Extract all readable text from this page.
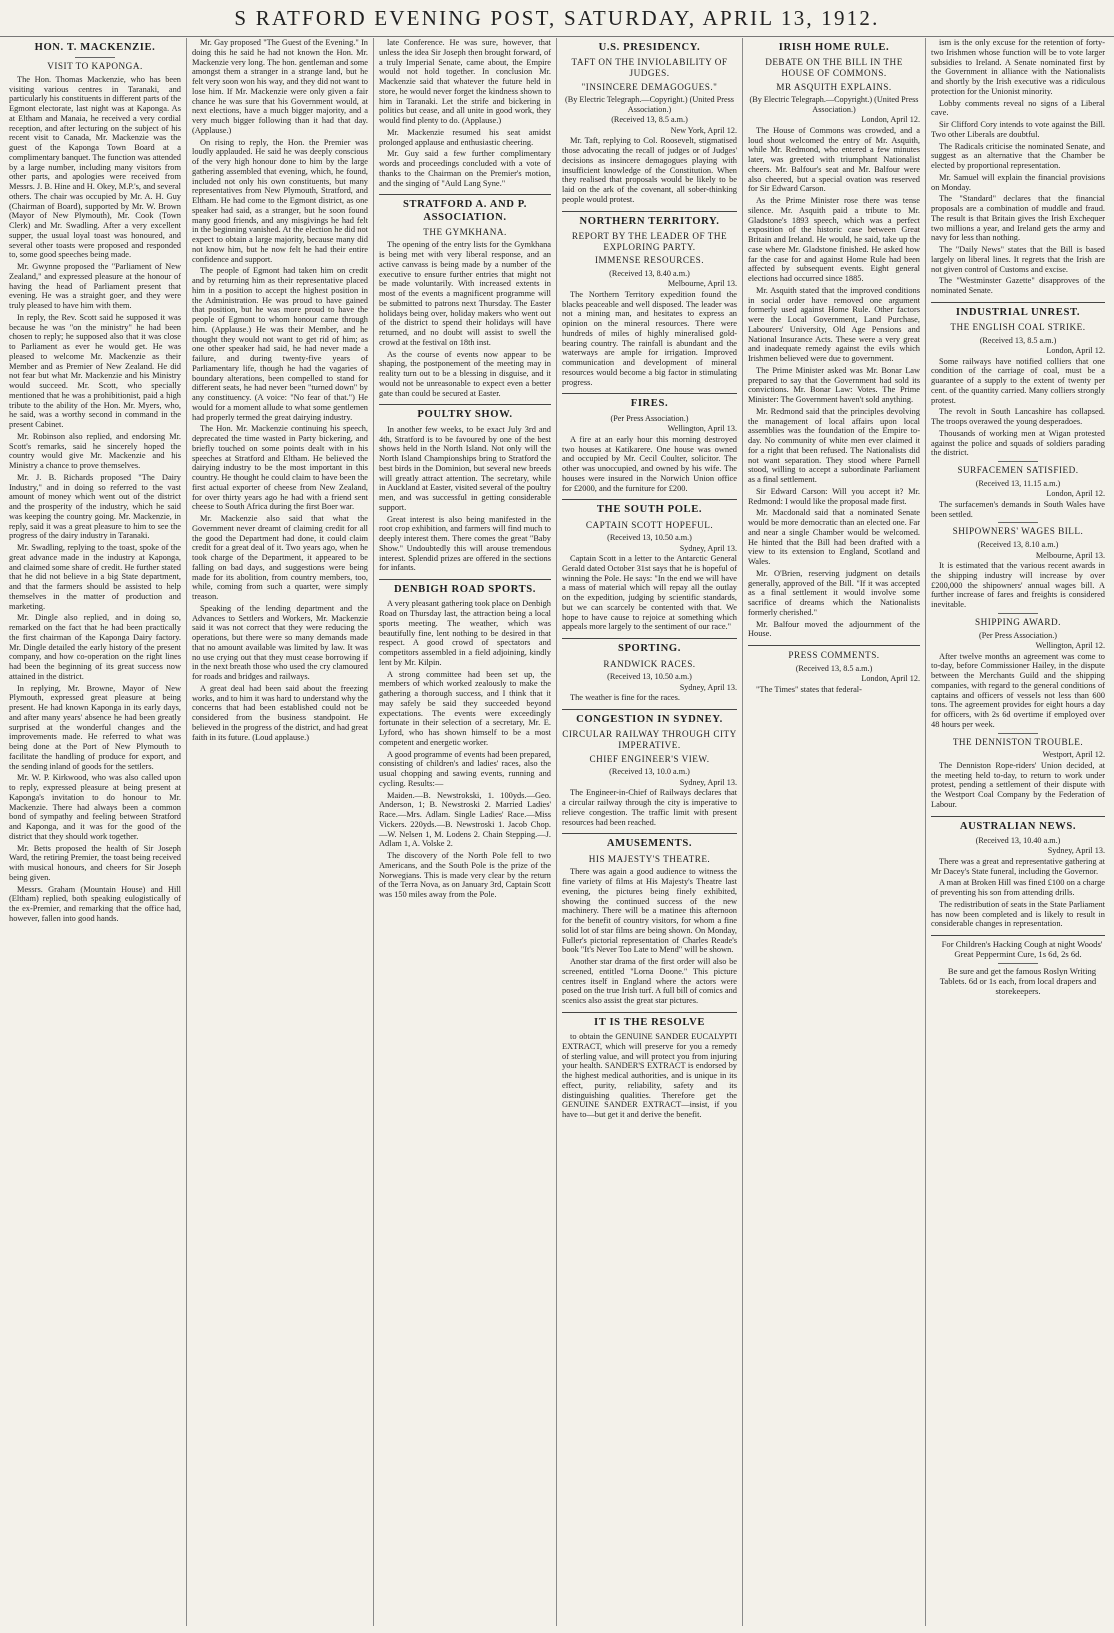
S RATFORD EVENING POST, SATURDAY, APRIL 13, 1912.
HON. T. MACKENZIE.
VISIT TO KAPONGA.

The Hon. Thomas Mackenzie, who has been visiting various centres in Taranaki, and particularly his constituents in different parts of the Egmont electorate, last night was at Kaponga. As at Eltham and Manaia, he received a very cordial reception, and after lecturing on the subject of his recent visit to Canada, Mr. Mackenzie was the guest of the Kaponga Town Board at a complimentary banquet. The function was attended by a large number, including many visitors from other parts, and apologies were received from Messrs. J. B. Hine and H. Okey, M.P.'s, and several others. The chair was occupied by Mr. A. H. Guy (Chairman of Board), supported by Mr. W. Brown (Mayor of New Plymouth), Mr. Cook (Town Clerk) and Mr. Swadling. After a very excellent supper, the usual loyal toast was honoured, and several other toasts were proposed and responded to, some good speeches being made.

Mr. Gwynne proposed the "Parliament of New Zealand," and expressed pleasure at the honour of having the head of Parliament present that evening. He was a straight goer, and they were truly pleased to have him with them.

In reply, the Rev. Scott said he supposed it was because he was "on the ministry" he had been chosen to reply; he supposed also that it was close to Parliament as ever he would get. He was pleased to welcome Mr. Mackenzie as their Member and as Premier of New Zealand. He did not fear but what Mr. Mackenzie and his Ministry would succeed. Mr. Scott, who specially mentioned that he was a prohibitionist, paid a high tribute to the ability of the Hon. Mr. Myers, who, he said, was a worthy second in command in the present Cabinet.

Mr. Robinson also replied, and endorsing Mr. Scott's remarks, said he sincerely hoped the country would give Mr. Mackenzie and his Ministry a chance to prove themselves.

Mr. J. B. Richards proposed "The Dairy Industry," and in doing so referred to the vast amount of money which went out of the district and the prosperity of the industry, which he said was keeping the country going. Mr. Mackenzie, in reply, said it was a great pleasure to him to see the progress of the dairy industry in Taranaki.

Mr. Swadling, replying to the toast, spoke of the great advance made in the industry at Kaponga, and claimed some share of credit. He further stated that he did not believe in a big State department, and that the farmers should be assisted to help themselves in the matter of production and marketing.

Mr. Dingle also replied, and in doing so, remarked on the fact that he had been practically the first chairman of the Kaponga Dairy factory. Mr. Dingle detailed the early history of the present company, and how co-operation on the right lines had been the beginning of its great success now attained in the district.

In replying, Mr. Browne, Mayor of New Plymouth, expressed great pleasure at being present. He had known Kaponga in its early days, and after many years' absence he had been greatly surprised at the wonderful changes and the improvements made. He referred to what was being done at the Port of New Plymouth to facilitate the handling of produce for export, and the sending inland of goods for the settlers.

Mr. W. P. Kirkwood, who was also called upon to reply, expressed pleasure at being present at Kaponga's invitation to do honour to Mr. Mackenzie. There had always been a common bond of sympathy and feeling between Stratford and Kaponga, and it was for the good of the district that they should work together.

Mr. Betts proposed the health of Sir Joseph Ward, the retiring Premier, the toast being received with musical honours, and cheers for Sir Joseph being given.

Messrs. Graham (Mountain House) and Hill (Eltham) replied, both speaking eulogistically of the ex-Premier, and remarking that the office had, however, fallen into good hands.

Mr. Gay proposed "The Guest of the Evening." In doing this he said he had not known the Hon. Mr. Mackenzie very long. The hon. gentleman and some amongst them a stranger in a strange land, but he felt very soon won his way, and they did not want to lose him. If Mr. Mackenzie were only given a fair chance he was sure that his Government would, at next elections, have a much bigger majority, and a very much bigger following than it had that day. (Applause.)

On rising to reply, the Hon. the Premier was loudly applauded. He said he was deeply conscious of the very high honour done to him by the large gathering assembled that evening, which, he found, included not only his own constituents, but many representatives from New Plymouth, Stratford, and Eltham. He had come to the Egmont district, as one speaker had said, as a stranger, but he soon found many good friends, and any misgivings he had felt in the beginning vanished. At the election he did not expect to obtain a large majority, because many did not know him, but he now felt he had their entire confidence and support.

The people of Egmont had taken him on credit and by returning him as their representative placed him in a position to accept the highest position in the Administration. He was proud to have gained that position, but he was more proud to have the people of Egmont to whom honour came through him. (Applause.) He was their Member, and he thought they would not want to get rid of him; as one other speaker had said, he had never made a failure, and during twenty-five years of Parliamentary life, though he had the vagaries of boundary alterations, been compelled to stand for different seats, he had never been "turned down" by any constituency. (A voice: "No fear of that.") He would for a moment allude to what some gentlemen had properly termed the great dairying industry.

The Hon. Mr. Mackenzie continuing his speech, deprecated the time wasted in Party bickering, and briefly touched on some points dealt with in his speeches at Stratford and Eltham. He believed the dairying industry to be the most important in this country. He thought he could claim to have been the first actual exporter of cheese from New Zealand, for over thirty years ago he had with a friend sent cheese to South Africa during the first Boer war.

Mr. Mackenzie also said that what the Government never dreamt of claiming credit for all the good the Department had done, it could claim credit for a great deal of it. Two years ago, when he took charge of the Department, it appeared to be falling on bad days, and suggestions were being made for its abolition, from country members, too, while, coming from such a quarter, were simply treason.

Speaking of the lending department and the Advances to Settlers and Workers, Mr. Mackenzie said it was not correct that they were reducing the operations, but there were so many demands made that no amount available was limited by law. It was no use crying out that they must cease borrowing if in the next breath those who used the cry clamoured for roads and bridges and railways.

A great deal had been said about the freezing works, and to him it was hard to understand why the concerns that had been established could not be considered from the business standpoint. He believed in the progress of the district, and had great faith in its future. (Loud applause.)

late Conference. He was sure, however, that unless the idea Sir Joseph then brought forward, of a truly Imperial Senate, came about, the Empire would not hold together. In conclusion Mr. Mackenzie said that whatever the future held in store, he would never forget the kindness shown to him in Taranaki. Let the strife and bickering in politics but cease, and all unite in good work, they would find plenty to do. (Applause.)

Mr. Mackenzie resumed his seat amidst prolonged applause and enthusiastic cheering.

Mr. Guy said a few further complimentary words and proceedings concluded with a vote of thanks to the Chairman on the Premier's motion, and the singing of "Auld Lang Syne."

STRATFORD A. AND P. ASSOCIATION.
THE GYMKHANA.

The opening of the entry lists for the Gymkhana is being met with very liberal response, and an active canvass is being made by a number of the executive to ensure further entries that might not be made voluntarily. With increased extents in most of the events a magnificent programme will be submitted to patrons next Thursday. The Easter holidays being over, holiday makers who went out of the district to spend their holidays will have returned, and no doubt will assist to swell the crowd at the festival on 18th inst.

As the course of events now appear to be shaping, the postponement of the meeting may in reality turn out to be a blessing in disguise, and it would not be unreasonable to expect even a better gate than could be secured at Easter.

POULTRY SHOW.

In another few weeks, to be exact July 3rd and 4th, Stratford is to be favoured by one of the best shows held in the North Island. Not only will the North Island Championships bring to Stratford the best birds in the Dominion, but several new breeds will greatly attract attention. The secretary, while in Auckland at Easter, visited several of the poultry men, and was successful in getting considerable support.

Great interest is also being manifested in the root crop exhibition, and farmers will find much to deeply interest them. There comes the great "Baby Show." Undoubtedly this will arouse tremendous interest. Splendid prizes are offered in the sections for infants.

DENBIGH ROAD SPORTS.

A very pleasant gathering took place on Denbigh Road on Thursday last, the attraction being a local sports meeting. The weather, which was beautifully fine, lent nothing to be desired in that respect. A good crowd of spectators and competitors assembled in a field adjoining, kindly lent by Mr. Kilpin.

A strong committee had been set up, the members of which worked zealously to make the gathering a thorough success, and I think that it may safely be said they succeeded beyond expectations. The events were exceedingly fortunate in their selection of a secretary, Mr. E. Lyford, who has shown himself to be a most competent and energetic worker.

A good programme of events had been prepared, consisting of children's and ladies' races, also the usual chopping and sawing events, running and cycling. Results:—

Maiden.—B. Newstrokski, 1. 100yds.—Geo. Anderson, 1; B. Newstroski 2. Married Ladies' Race.—Mrs. Adlam. Single Ladies' Race.—Miss Vickers. 220yds.—B. Newstroski 1. Jacob Chop.—W. Nelsen 1, M. Lodens 2. Chain Stepping.—J. Adlam 1, A. Volske 2.

The discovery of the North Pole fell to two Americans, and the South Pole is the prize of the Norwegians. This is made very clear by the return of the Terra Nova, as on January 3rd, Captain Scott was 150 miles away from the Pole.

U.S. PRESIDENCY.
TAFT ON THE INVIOLABILITY OF JUDGES.
"INSINCERE DEMAGOGUES."
(By Electric Telegraph.—Copyright.) (United Press Association.)
(Received 13, 8.5 a.m.)
New York, April 12.

Mr. Taft, replying to Col. Roosevelt, stigmatised those advocating the recall of judges or of Judges' decisions as insincere demagogues playing with insufficient knowledge of the Constitution. When they realised that proposals would be likely to be laid on the ark of the covenant, all sober-thinking people would protest.

NORTHERN TERRITORY.
REPORT BY THE LEADER OF THE EXPLORING PARTY.
IMMENSE RESOURCES.
(Received 13, 8.40 a.m.)
Melbourne, April 13.

The Northern Territory expedition found the blacks peaceable and well disposed. The leader was not a mining man, and hesitates to express an opinion on the mineral resources. There were hundreds of miles of highly mineralised gold-bearing country. The rainfall is abundant and the waterways are ample for irrigation. Improved communication and development of mineral resources would become a big factor in stimulating progress.

FIRES.
(Per Press Association.)
Wellington, April 13.

A fire at an early hour this morning destroyed two houses at Katikarere. One house was owned and occupied by Mr. Cecil Coulter, solicitor. The other was unoccupied, and owned by his wife. The houses were insured in the Norwich Union office for £2000, and the furniture for £200.

THE SOUTH POLE.
CAPTAIN SCOTT HOPEFUL.
(Received 13, 10.50 a.m.)
Sydney, April 13.

Captain Scott in a letter to the Antarctic General Gerald dated October 31st says that he is hopeful of winning the Pole. He says: "In the end we will have a mass of material which will repay all the outlay on the expedition, judging by scientific standards, but we can scarcely be contented with that. We hope to have cause to rejoice at something which appeals more largely to the sentiment of our race."

SPORTING.
RANDWICK RACES.
(Received 13, 10.50 a.m.)
Sydney, April 13.

The weather is fine for the races.

CONGESTION IN SYDNEY.
CIRCULAR RAILWAY THROUGH CITY IMPERATIVE.
CHIEF ENGINEER'S VIEW.
(Received 13, 10.0 a.m.)
Sydney, April 13.

The Engineer-in-Chief of Railways declares that a circular railway through the city is imperative to relieve congestion. The traffic limit with present resources had been reached.

AMUSEMENTS.
HIS MAJESTY'S THEATRE.

There was again a good audience to witness the fine variety of films at His Majesty's Theatre last evening, the pictures being finely exhibited, showing the continued success of the new machinery. There will be a matinee this afternoon for the benefit of country visitors, for whom a fine solid lot of star films are being shown. On Monday, Fuller's pictorial representation of Charles Reade's book "It's Never Too Late to Mend" will be shown.

Another star drama of the first order will also be screened, entitled "Lorna Doone." This picture centres itself in England where the actors were posed on the true Irish turf. A full bill of comics and scenics also assist the great star pictures.

IT IS THE RESOLVE

to obtain the GENUINE SANDER EUCALYPTI EXTRACT, which will preserve for you a remedy of sterling value, and will protect you from injuring your health. SANDER'S EXTRACT is endorsed by the highest medical authorities, and is unique in its effect, purity, reliability, safety and its distinguishing qualities. Therefore get the GENUINE SANDER EXTRACT—insist, if you have to—but get it and derive the benefit.

IRISH HOME RULE.
DEBATE ON THE BILL IN THE HOUSE OF COMMONS.
MR ASQUITH EXPLAINS.
(By Electric Telegraph.—Copyright.) (United Press Association.)
London, April 12.

The House of Commons was crowded, and a loud shout welcomed the entry of Mr. Asquith, while Mr. Redmond, who entered a few minutes later, was greeted with triumphant Nationalist cheers. Mr. Balfour's seat and Mr. Balfour were also cheered, but a special ovation was reserved for Sir Edward Carson.

As the Prime Minister rose there was tense silence. Mr. Asquith paid a tribute to Mr. Gladstone's 1893 speech, which was a perfect exposition of the historic case between Great Britain and Ireland. He would, he said, take up the case where Mr. Gladstone finished. He asked how far the case for and against Home Rule had been affected by subsequent events. Eight general elections had occurred since 1885.

Mr. Asquith stated that the improved conditions in social order have removed one argument formerly used against Home Rule. Other factors were the Local Government, Land Purchase, Labourers' University, Old Age Pensions and National Insurance Acts. These were a very great and inadequate remedy against the evils which Irishmen believed were due to government.

The Prime Minister asked was Mr. Bonar Law prepared to say that the Government had sold its convictions. Mr. Bonar Law: Votes. The Prime Minister: The Government haven't sold anything.

Mr. Redmond said that the principles devolving the management of local affairs upon local assemblies was the foundation of the Empire to-day. No community of white men ever claimed it for a right that been refused. The Nationalists did not want separation. They stood where Parnell stood, willing to accept a subordinate Parliament as a final settlement.

Sir Edward Carson: Will you accept it? Mr. Redmond: I would like the proposal made first.

Mr. Macdonald said that a nominated Senate would be more democratic than an elected one. Far and near a single Chamber would be welcomed. He hinted that the Bill had been drafted with a view to its extension to England, Scotland and Wales.

Mr. O'Brien, reserving judgment on details generally, approved of the Bill. "If it was accepted as a final settlement it would involve some sacrifice of dreams which the Nationalists formerly cherished."

Mr. Balfour moved the adjournment of the House.

PRESS COMMENTS.
(Received 13, 8.5 a.m.)
London, April 12.

"The Times" states that federal-

ism is the only excuse for the retention of forty-two Irishmen whose function will be to vote larger subsidies to Ireland. A Senate nominated first by the Government in alliance with the Nationalists and shortly by the Irish executive was a ridiculous protection for the Unionist minority.

Lobby comments reveal no signs of a Liberal cave.

Sir Clifford Cory intends to vote against the Bill. Two other Liberals are doubtful.

The Radicals criticise the nominated Senate, and suggest as an alternative that the Chamber be elected by proportional representation.

Mr. Samuel will explain the financial provisions on Monday.

The "Standard" declares that the financial proposals are a combination of muddle and fraud. The result is that Britain gives the Irish Exchequer two millions a year, and Ireland gets the army and navy for less than nothing.

The "Daily News" states that the Bill is based largely on liberal lines. It regrets that the Irish are not given control of Customs and excise.

The "Westminster Gazette" disapproves of the nominated Senate.

INDUSTRIAL UNREST.
THE ENGLISH COAL STRIKE.
(Received 13, 8.5 a.m.)
London, April 12.

Some railways have notified colliers that one condition of the carriage of coal, must be a guarantee of a supply to the extent of twenty per cent. of the quantity carried. Many colliers strongly protest.

The revolt in South Lancashire has collapsed. The troops overawed the young desperadoes.

Thousands of working men at Wigan protested against the police and squads of soldiers parading the district.

SURFACEMEN SATISFIED.
(Received 13, 11.15 a.m.)
London, April 12.

The surfacemen's demands in South Wales have been settled.

SHIPOWNERS' WAGES BILL.
(Received 13, 8.10 a.m.)
Melbourne, April 13.

It is estimated that the various recent awards in the shipping industry will increase by over £200,000 the shipowners' annual wages bill. A further increase of fares and freights is considered inevitable.

SHIPPING AWARD.
(Per Press Association.)
Wellington, April 12.

After twelve months an agreement was come to to-day, before Commissioner Hailey, in the dispute between the Merchants Guild and the shipping companies, with regard to the general conditions of captains and officers of vessels not less than 600 tons. The agreement provides for eight hours a day for officers, with 2s 6d overtime if employed over 48 hours per week.

THE DENNISTON TROUBLE.
Westport, April 12.

The Denniston Rope-riders' Union decided, at the meeting held to-day, to return to work under protest, pending a settlement of their dispute with the Westport Coal Company by the Federation of Labour.

AUSTRALIAN NEWS.
(Received 13, 10.40 a.m.)
Sydney, April 13.

There was a great and representative gathering at Mr Dacey's State funeral, including the Governor.

A man at Broken Hill was fined £100 on a charge of preventing his son from attending drills.

The redistribution of seats in the State Parliament has now been completed and is likely to result in considerable changes in representation.

For Children's Hacking Cough at night Woods' Great Peppermint Cure, 1s 6d, 2s 6d.

Be sure and get the famous Roslyn Writing Tablets. 6d or 1s each, from local drapers and storekeepers.
